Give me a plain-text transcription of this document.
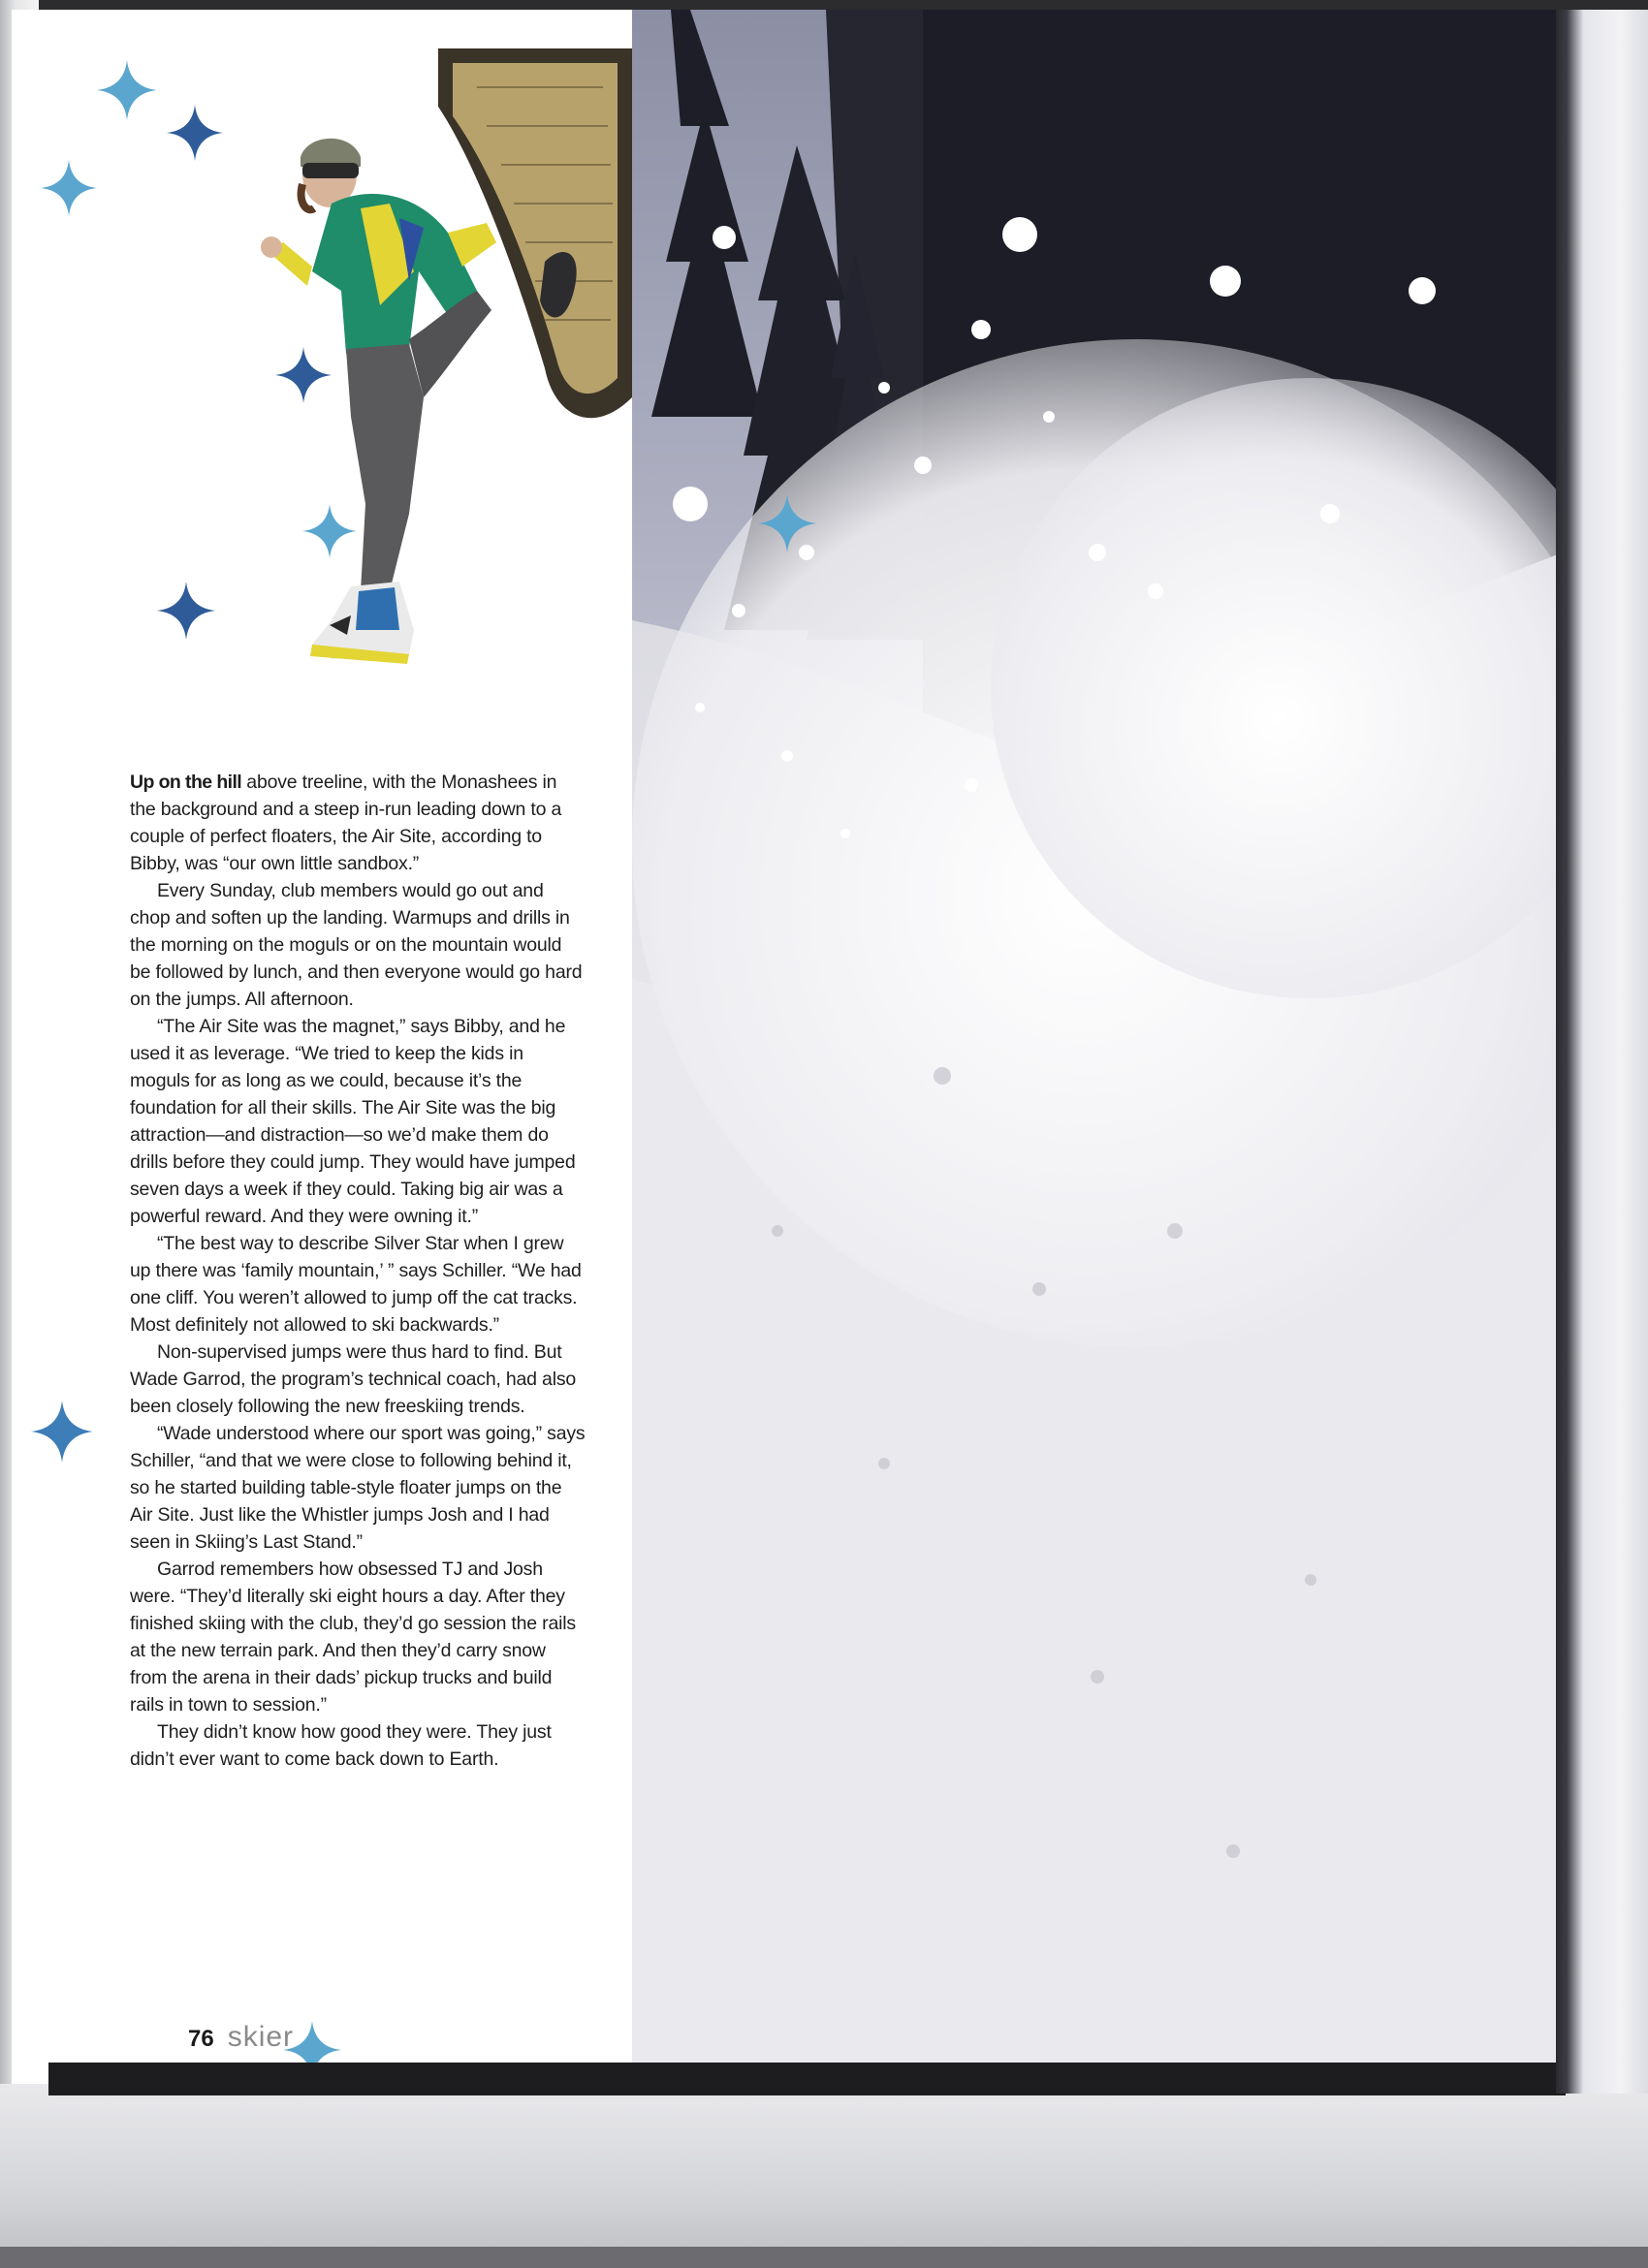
Up on the hill above treeline, with the Monashees in the background and a steep in-run leading down to a couple of perfect floaters, the Air Site, according to Bibby, was “our own little sandbox.”

Every Sunday, club members would go out and chop and soften up the landing. Warmups and drills in the morning on the moguls or on the mountain would be followed by lunch, and then everyone would go hard on the jumps. All afternoon.

“The Air Site was the magnet,” says Bibby, and he used it as leverage. “We tried to keep the kids in moguls for as long as we could, because it’s the foundation for all their skills. The Air Site was the big attraction—and distraction—so we’d make them do drills before they could jump. They would have jumped seven days a week if they could. Taking big air was a powerful reward. And they were owning it.”

“The best way to describe Silver Star when I grew up there was ‘family mountain,’ ” says Schiller. “We had one cliff. You weren’t allowed to jump off the cat tracks. Most definitely not allowed to ski backwards.”

Non-supervised jumps were thus hard to find. But Wade Garrod, the program’s technical coach, had also been closely following the new freeskiing trends.

“Wade understood where our sport was going,” says Schiller, “and that we were close to following behind it, so he started building table-style floater jumps on the Air Site. Just like the Whistler jumps Josh and I had seen in Skiing’s Last Stand.”

Garrod remembers how obsessed TJ and Josh were. “They’d literally ski eight hours a day. After they finished skiing with the club, they’d go session the rails at the new terrain park. And then they’d carry snow from the arena in their dads’ pickup trucks and build rails in town to session.”

They didn’t know how good they were. They just didn’t ever want to come back down to Earth.

76 skier
